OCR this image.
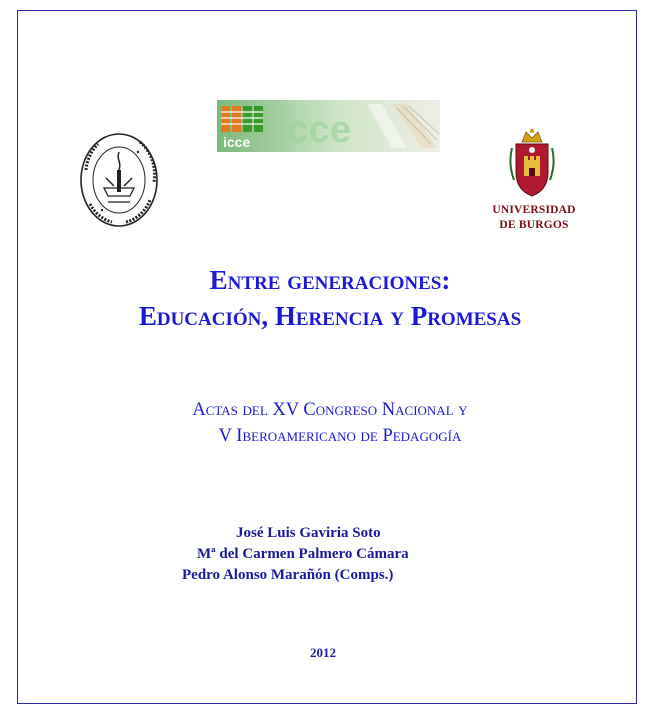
icce icce
UNIVERSIDAD
DE BURGOS
Entre generaciones:
Educación, Herencia y Promesas
Actas del XV Congreso Nacional y
V Iberoamericano de Pedagogía
José Luis Gaviria Soto
Mª del Carmen Palmero Cámara
Pedro Alonso Marañón (Comps.)
2012
